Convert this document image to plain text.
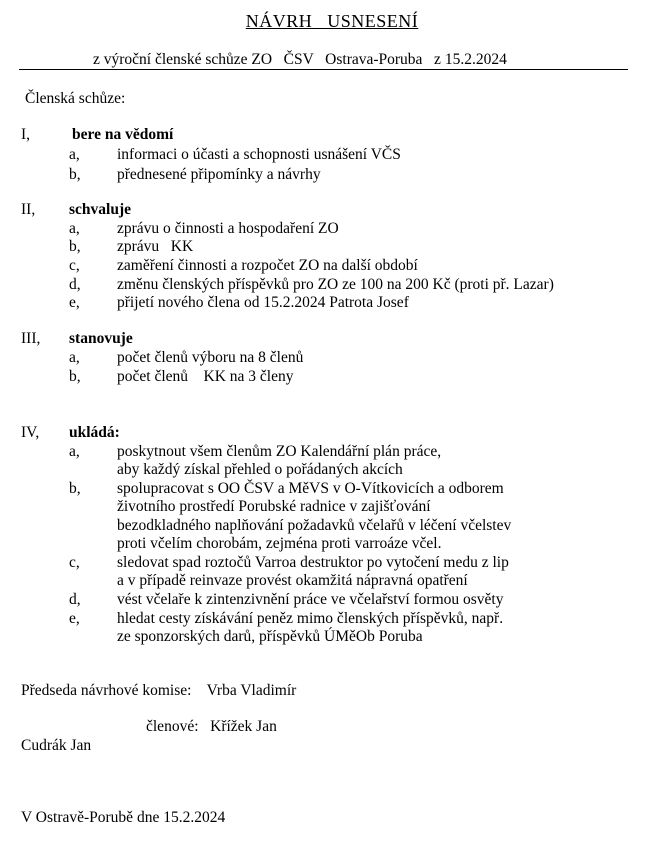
NÁVRH   USNESENÍ
z výroční členské schůze ZO   ČSV   Ostrava-Poruba   z 15.2.2024
Členská schůze:
I,	bere na vědomí
a, informaci o účasti a schopnosti usnášení VČS
b, přednesené připomínky a návrhy
II, schvaluje
a, zprávu o činnosti a hospodaření ZO
b, zprávu   KK
c, zaměření činnosti a rozpočet ZO na další období
d, změnu členských příspěvků pro ZO ze 100 na 200 Kč (proti př. Lazar)
e, přijetí nového člena od 15.2.2024 Patrota Josef
III, stanovuje
a, počet členů výboru na 8 členů
b, počet členů    KK na 3 členy
IV, ukládá:
a, poskytnout všem členům ZO Kalendářní plán práce,
aby každý získal přehled o pořádaných akcích
b, spolupracovat s OO ČSV a MěVS v O-Vítkovicích a odborem
životního prostředí Porubské radnice v zajišťování
bezodkladného naplňování požadavků včelařů v léčení včelstev
proti včelím chorobám, zejména proti varroáze včel.
c, sledovat spad roztočů Varroa destruktor po vytočení medu z lip
a v případě reinvaze provést okamžitá nápravná opatření
d, vést včelaře k zintenzivnění práce ve včelařství formou osvěty
e, hledat cesty získávání peněz mimo členských příspěvků, např.
ze sponzorských darů, příspěvků ÚMěOb Poruba
Předseda návrhové komise:    Vrba Vladimír
členové:   Křížek Jan
Cudrák Jan
V Ostravě-Porubě dne 15.2.2024
